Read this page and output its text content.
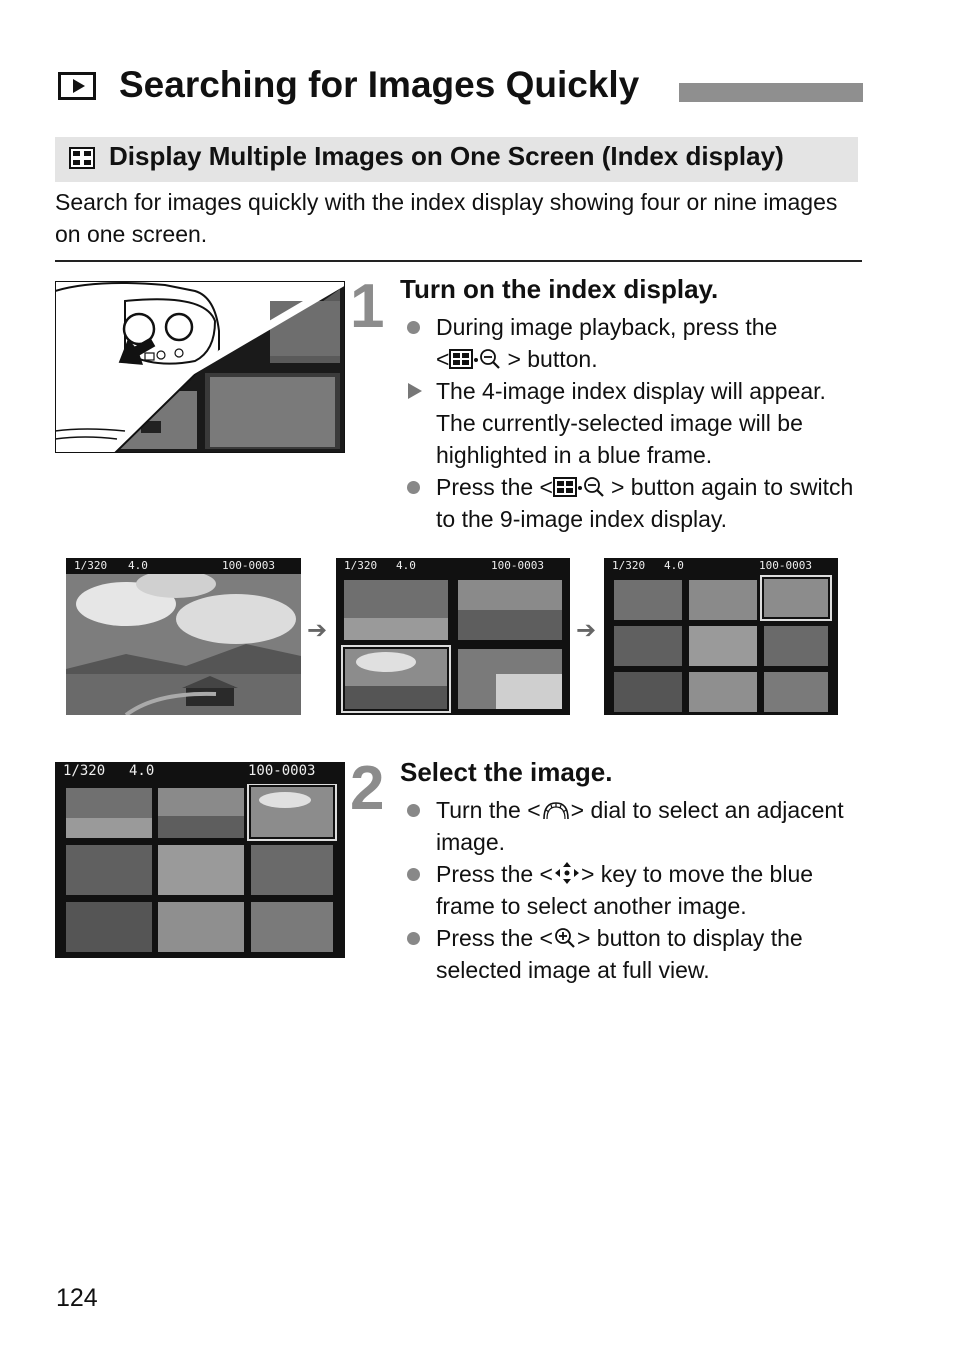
Searching for Images Quickly
Display Multiple Images on One Screen (Index display)
Search for images quickly with the index display showing four or nine images on one screen.
1 Turn on the index display.
During image playback, press the
<	> button.
The 4-image index display will appear. The currently-selected image will be highlighted in a blue frame.
Press the <	> button again to switch to the 9-image index display.
1/320 4.0	100-0003
➔
1/320 4.0	100-0003
➔
1/320 4.0	100-0003
1/320 4.0	100-0003 2 Select the image.
Turn the < > dial to select an adjacent image.
Press the < > key to move the blue frame to select another image.
Press the < > button to display the selected image at full view.
124
